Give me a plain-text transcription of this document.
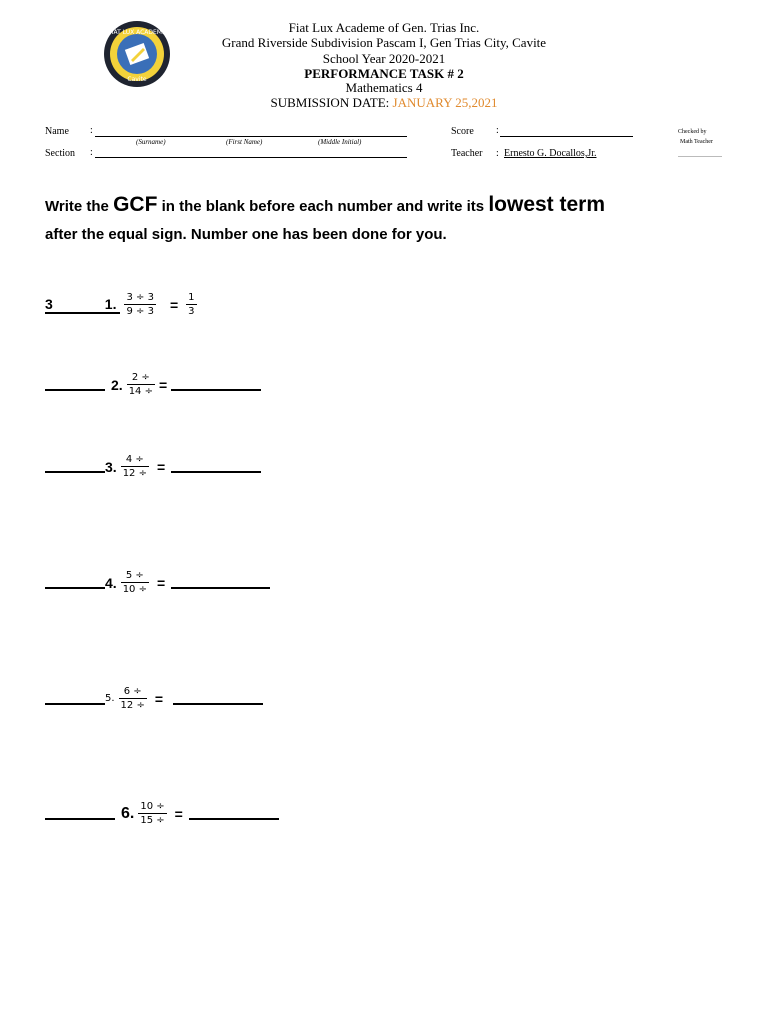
FIAT LUX ACADEME
Cavite
Fiat Lux Academe of Gen. Trias Inc.
Grand Riverside Subdivision Pascam I, Gen Trias City, Cavite
School Year 2020-2021
PERFORMANCE TASK # 2
Mathematics 4
SUBMISSION DATE: JANUARY 25,2021
Name :
(Surname)	(First Name)	(Middle Initial)
Section :
Score :
Teacher : Ernesto G. Docallos,Jr.
Checked by
Math Teacher
Write the GCF in the blank before each number and write its lowest term
after the equal sign. Number one has been done for you.
3	1. $\frac{3 \div 3}{9 \div 3} = \frac{1}{3}$
2. $\frac{2 \div}{14 \div}$ =
3. $\frac{4 \div}{12 \div}$ =
4. $\frac{5 \div}{10 \div}$ =
5. $\frac{6 \div}{12 \div}$ =
6. $\frac{10 \div}{15 \div}$ =
